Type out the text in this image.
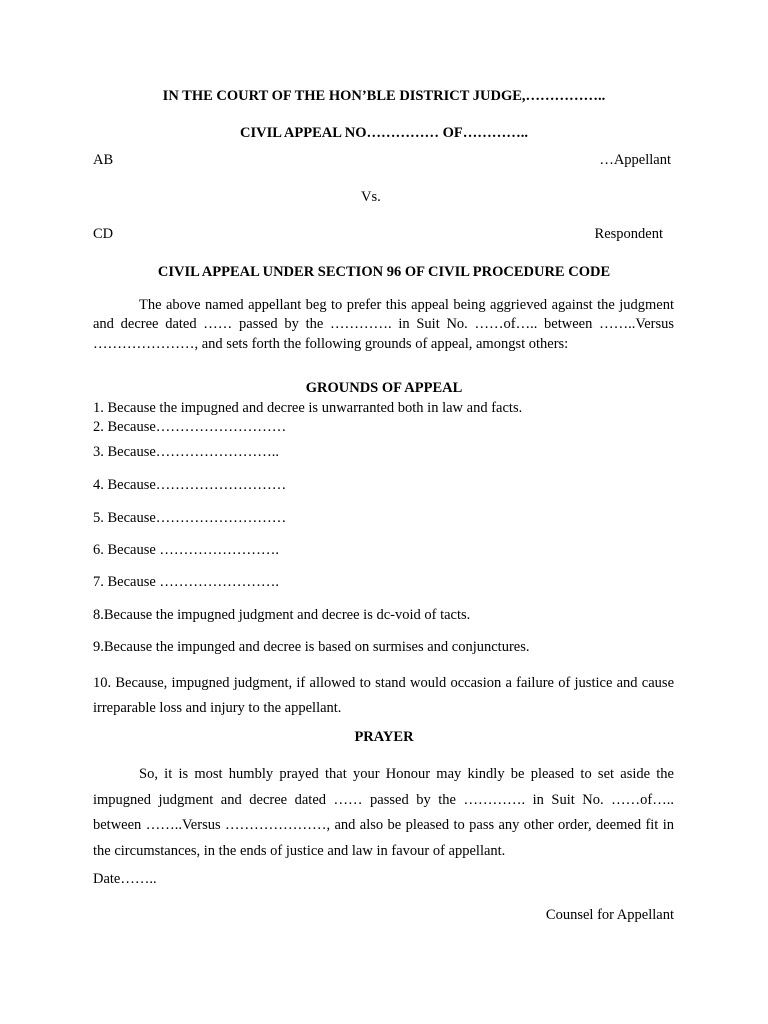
IN THE COURT OF THE HON’BLE DISTRICT JUDGE,……………..
CIVIL APPEAL NO…………… OF…………..
AB	…Appellant
Vs.
CD	Respondent
CIVIL APPEAL UNDER SECTION 96 OF CIVIL PROCEDURE CODE
The above named appellant beg to prefer this appeal being aggrieved against the judgment and decree dated …… passed by the …………. in Suit No. ……of….. between ……..Versus …………………, and sets forth the following grounds of appeal, amongst others:
GROUNDS OF APPEAL
1. Because the impugned and decree is unwarranted both in law and facts.
2. Because………………………
3. Because……………………..
4. Because………………………
5. Because………………………
6. Because …………………….
7. Because …………………….
8.Because the impugned judgment and decree is dc-void of tacts.
9.Because the impunged and decree is based on surmises and conjunctures.
10. Because, impugned judgment, if allowed to stand would occasion a failure of justice and cause irreparable loss and injury to the appellant.
PRAYER
So, it is most humbly prayed that your Honour may kindly be pleased to set aside the impugned judgment and decree dated …… passed by the …………. in Suit No. ……of….. between ……..Versus …………………, and also be pleased to pass any other order, deemed fit in the circumstances, in the ends of justice and law in favour of appellant.
Date……..
Counsel for Appellant
